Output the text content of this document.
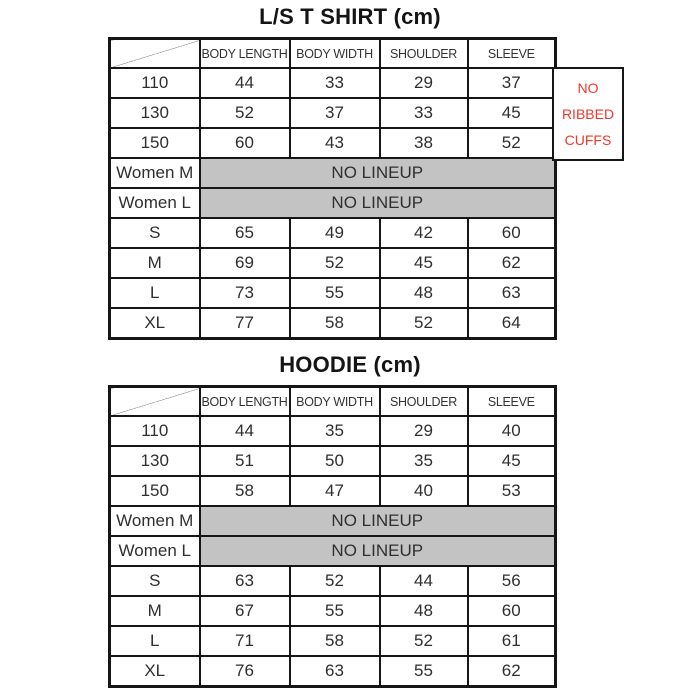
L/S T SHIRT (cm)
	BODY LENGTH	BODY WIDTH	SHOULDER	SLEEVE
110	44	33	29	37
130	52	37	33	45
150	60	43	38	52
Women M	NO LINEUP			
Women L	NO LINEUP			
S	65	49	42	60
M	69	52	45	62
L	73	55	48	63
XL	77	58	52	64
NO
RIBBED
CUFFS
HOODIE (cm)
	BODY LENGTH	BODY WIDTH	SHOULDER	SLEEVE
110	44	35	29	40
130	51	50	35	45
150	58	47	40	53
Women M	NO LINEUP			
Women L	NO LINEUP			
S	63	52	44	56
M	67	55	48	60
L	71	58	52	61
XL	76	63	55	62
